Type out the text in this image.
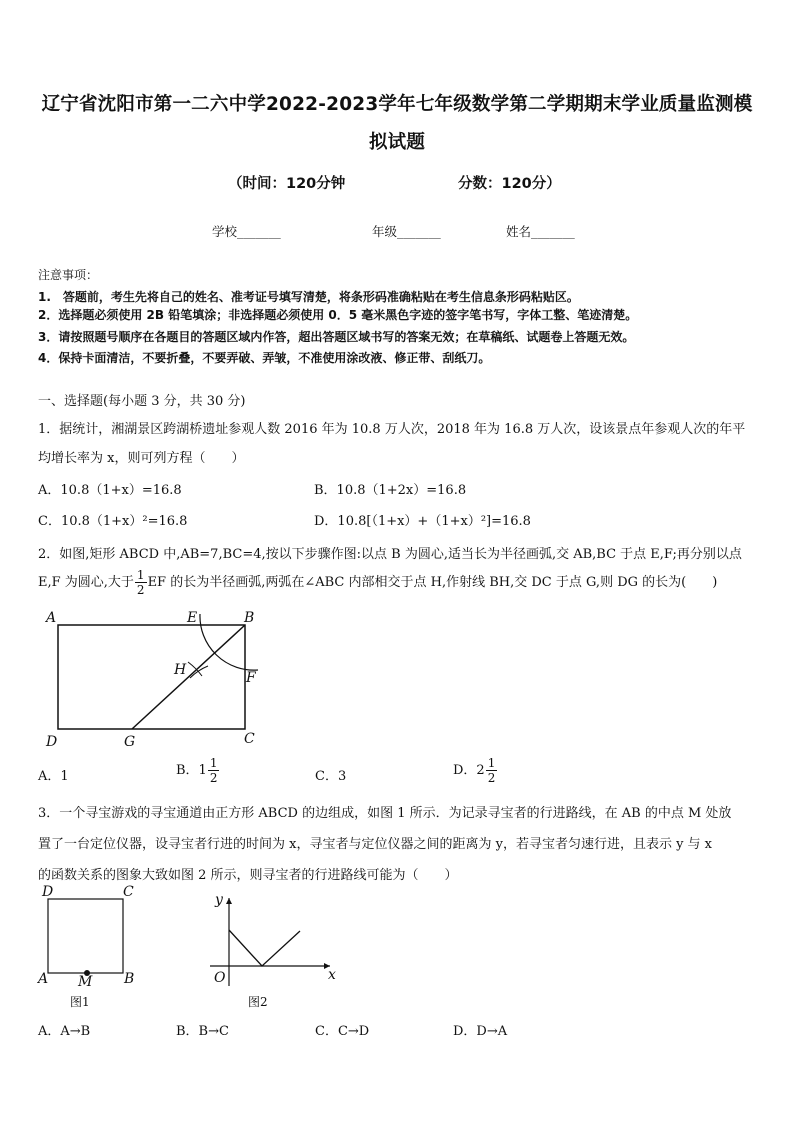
辽宁省沈阳市第一二六中学2022-2023学年七年级数学第二学期期末学业质量监测模
拟试题
（时间：120分钟	分数：120分）
学校_______	年级_______	姓名_______
注意事项：
1.　答题前，考生先将自己的姓名、准考证号填写清楚，将条形码准确粘贴在考生信息条形码粘贴区。
2．选择题必须使用 2B 铅笔填涂；非选择题必须使用 0．5 毫米黑色字迹的签字笔书写，字体工整、笔迹清楚。
3．请按照题号顺序在各题目的答题区域内作答，超出答题区域书写的答案无效；在草稿纸、试题卷上答题无效。
4．保持卡面清洁，不要折叠，不要弄破、弄皱，不准使用涂改液、修正带、刮纸刀。
一、选择题(每小题 3 分，共 30 分)
1．据统计，湘湖景区跨湖桥遗址参观人数 2016 年为 10.8 万人次，2018 年为 16.8 万人次，设该景点年参观人次的年平
均增长率为 x，则可列方程（　　）
A．10.8（1+x）=16.8	B．10.8（1+2x）=16.8
C．10.8（1+x）²=16.8	D．10.8[（1+x）+（1+x）²]=16.8
2．如图,矩形 ABCD 中,AB=7,BC=4,按以下步骤作图:以点 B 为圆心,适当长为半径画弧,交 AB,BC 于点 E,F;再分别以点
E,F 为圆心,大于 $\frac{1}{2}$ EF 的长为半径画弧,两弧在∠ABC 内部相交于点 H,作射线 BH,交 DC 于点 G,则 DG 的长为(　　)
A	E	B
H	F
D	G	C
A．1	B．$1 \frac{1}{2}$	C．3	D．$2 \frac{1}{2}$
3．一个寻宝游戏的寻宝通道由正方形 ABCD 的边组成，如图 1 所示．为记录寻宝者的行进路线，在 AB 的中点 M 处放
置了一台定位仪器，设寻宝者行进的时间为 x，寻宝者与定位仪器之间的距离为 y，若寻宝者匀速行进，且表示 y 与 x
的函数关系的图象大致如图 2 所示，则寻宝者的行进路线可能为（　　）
D	C
A M B
图1
y
O	x
图2
A．A→B	B．B→C	C．C→D	D．D→A
